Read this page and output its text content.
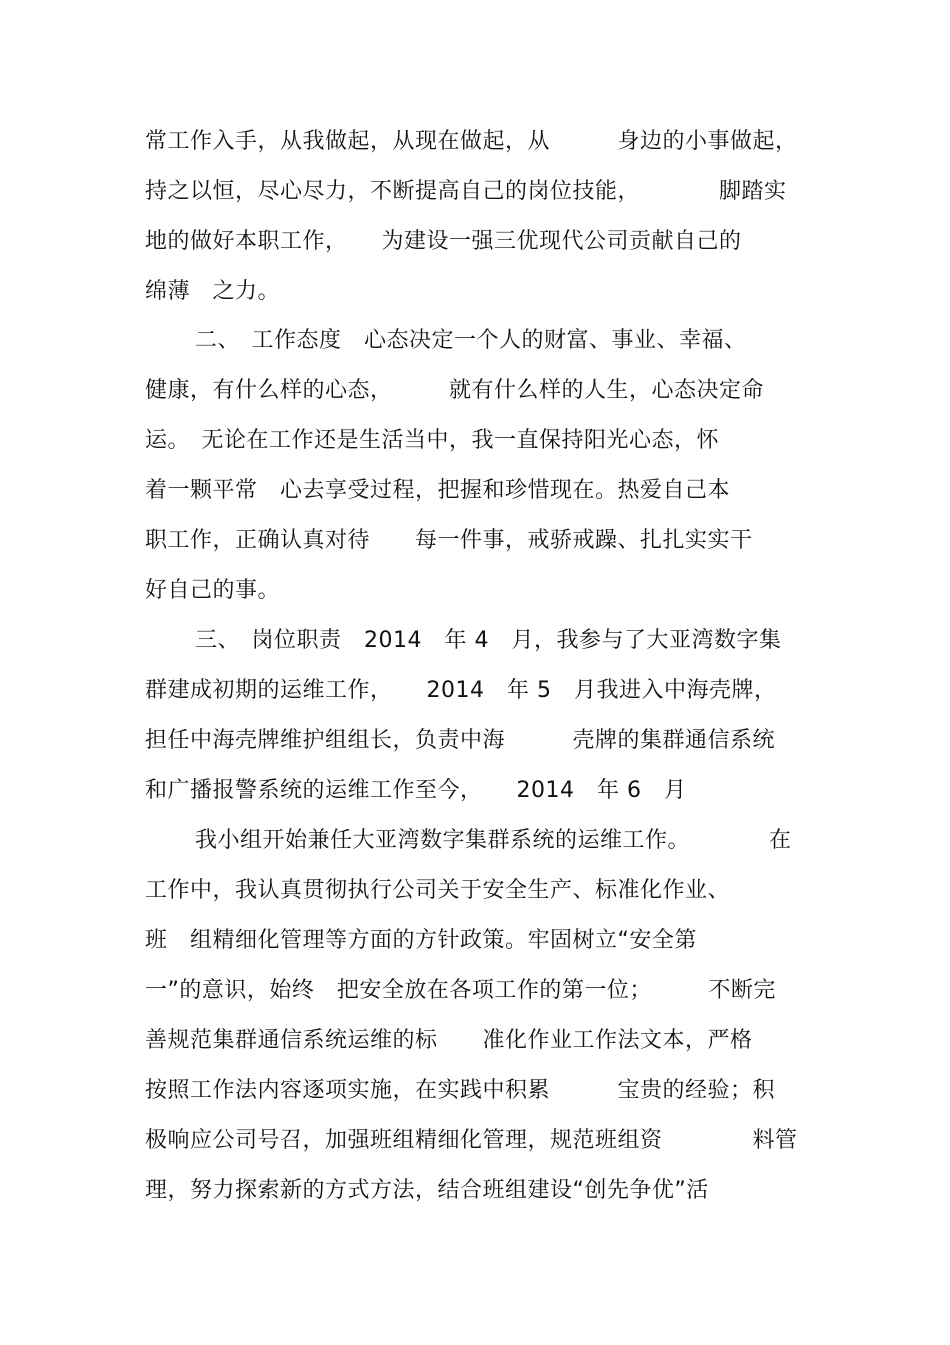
常工作入手，从我做起，从现在做起，从　　　身边的小事做起，
持之以恒，尽心尽力，不断提高自己的岗位技能，　　　　脚踏实
地的做好本职工作，　　为建设一强三优现代公司贡献自己的
绵薄　之力。
二、　工作态度　心态决定一个人的财富、事业、幸福、
健康，有什么样的心态，　　　就有什么样的人生，心态决定命
运。　无论在工作还是生活当中，我一直保持阳光心态，怀
着一颗平常　心去享受过程，把握和珍惜现在。热爱自己本
职工作，正确认真对待　　每一件事，戒骄戒躁、扎扎实实干
好自己的事。
三、　岗位职责　2014　年 4　月，我参与了大亚湾数字集
群建成初期的运维工作，　　2014　年 5　月我进入中海壳牌，
担任中海壳牌维护组组长，负责中海　　　壳牌的集群通信系统
和广播报警系统的运维工作至今，　　2014　年 6　月
我小组开始兼任大亚湾数字集群系统的运维工作。　　　　在
工作中，我认真贯彻执行公司关于安全生产、标准化作业、
班　组精细化管理等方面的方针政策。牢固树立“安全第
一”的意识，始终　把安全放在各项工作的第一位；　　　不断完
善规范集群通信系统运维的标　　准化作业工作法文本，严格
按照工作法内容逐项实施，在实践中积累　　　宝贵的经验；积
极响应公司号召，加强班组精细化管理，规范班组资　　　　料管
理，努力探索新的方式方法，结合班组建设“创先争优”活
